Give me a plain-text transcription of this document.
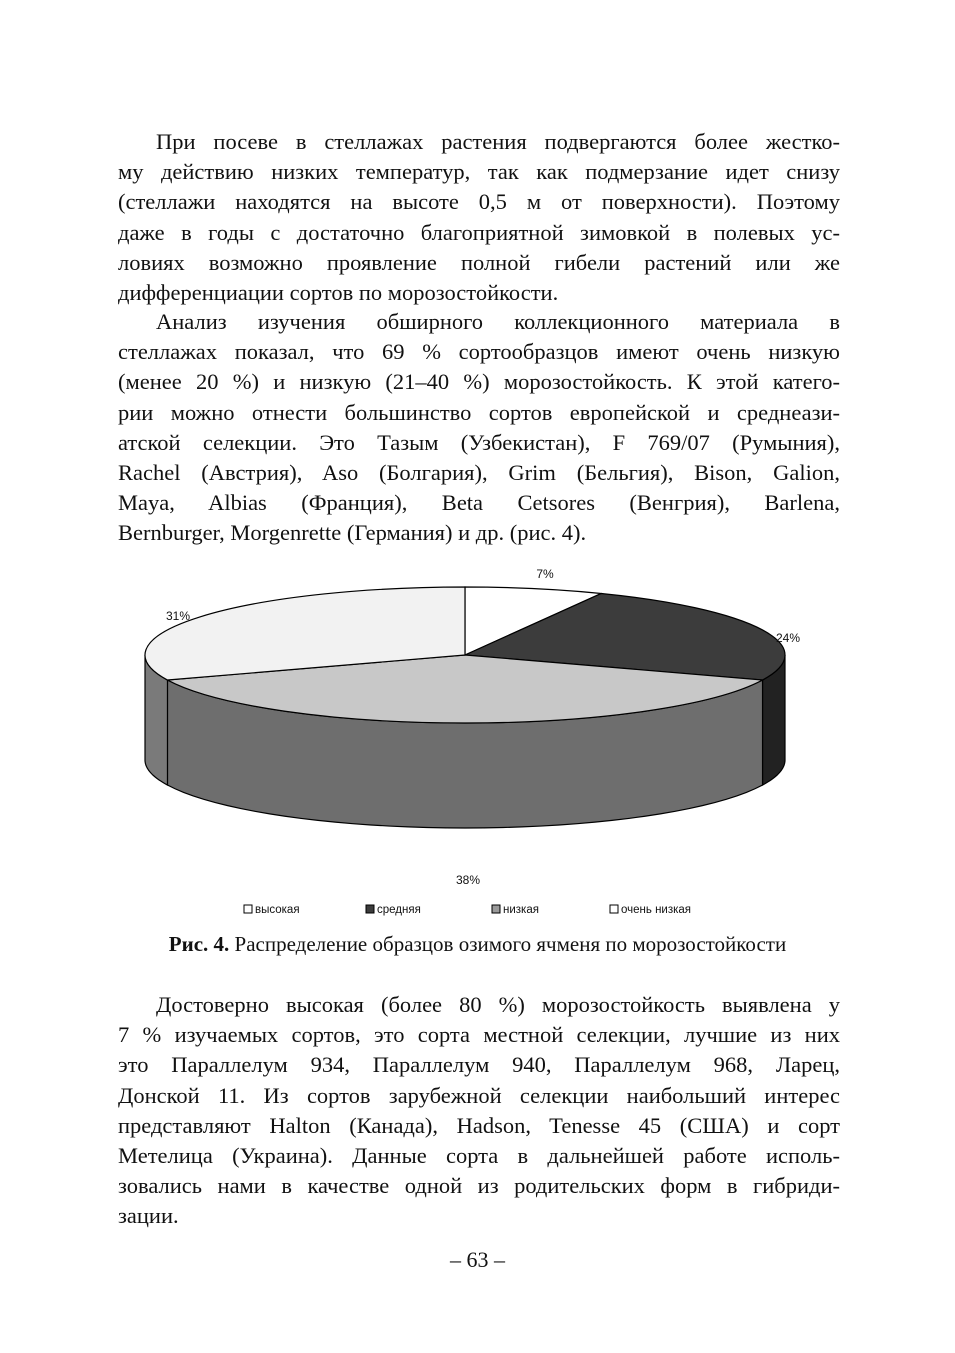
При посеве в стеллажах растения подвергаются более жестко-
му действию низких температур, так как подмерзание идет снизу
(стеллажи находятся на высоте 0,5 м от поверхности). Поэтому
даже в годы с достаточно благоприятной зимовкой в полевых ус-
ловиях возможно проявление полной гибели растений или же
дифференциации сортов по морозостойкости.
Анализ изучения обширного коллекционного материала в
стеллажах показал, что 69 % сортообразцов имеют очень низкую
(менее 20 %) и низкую (21–40 %) морозостойкость. К этой катего-
рии можно отнести большинство сортов европейской и среднеази-
атской селекции. Это Тазым (Узбекистан), F 769/07 (Румыния),
Rachel (Австрия), Aso (Болгария), Grim (Бельгия), Bison, Galion,
Maya, Albias (Франция), Beta Cetsores (Венгрия), Barlena,
Bernburger, Morgenrette (Германия) и др. (рис. 4).
7%
24%
38%
31%
высокая	средняя	низкая	очень низкая
Рис. 4. Распределение образцов озимого ячменя по морозостойкости
Достоверно высокая (более 80 %) морозостойкость выявлена у
7 % изучаемых сортов, это сорта местной селекции, лучшие из них
это Параллелум 934, Параллелум 940, Параллелум 968, Ларец,
Донской 11. Из сортов зарубежной селекции наибольший интерес
представляют Halton (Канада), Hadson, Tenesse 45 (США) и сорт
Метелица (Украина). Данные сорта в дальнейшей работе исполь-
зовались нами в качестве одной из родительских форм в гибриди-
зации.
– 63 –
